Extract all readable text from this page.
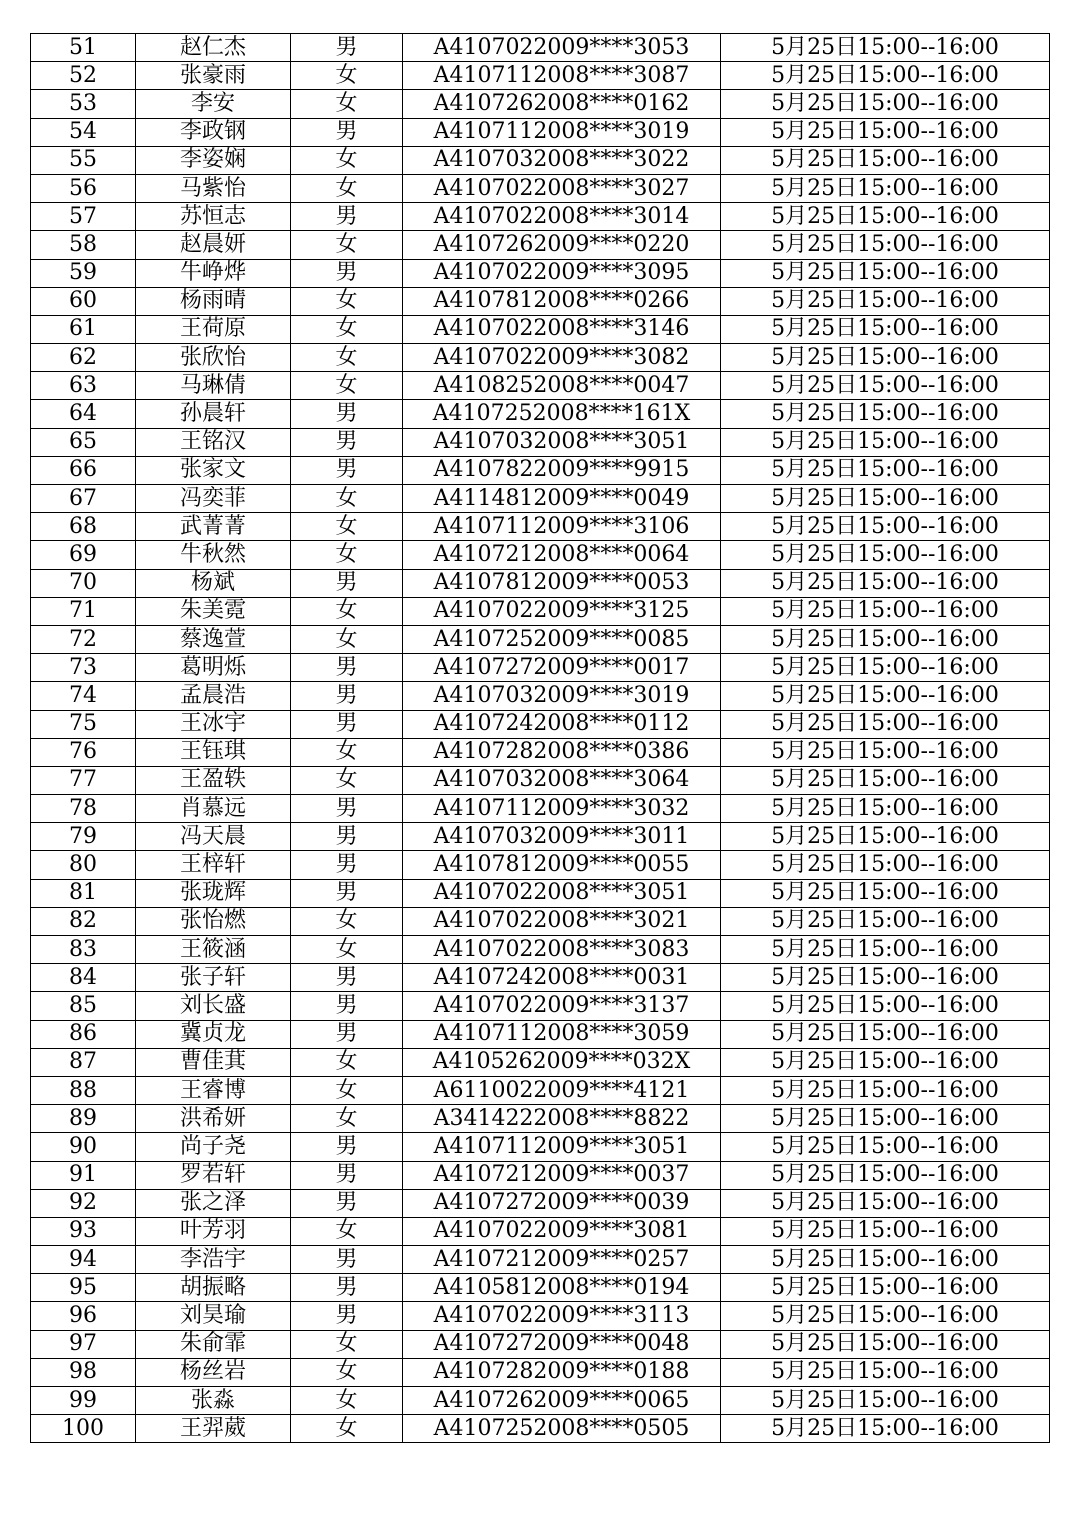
51	赵仁杰	男	A4107022009****3053	5月25日15:00--16:00
52	张豪雨	女	A4107112008****3087	5月25日15:00--16:00
53	李安	女	A4107262008****0162	5月25日15:00--16:00
54	李政钢	男	A4107112008****3019	5月25日15:00--16:00
55	李姿娴	女	A4107032008****3022	5月25日15:00--16:00
56	马紫怡	女	A4107022008****3027	5月25日15:00--16:00
57	苏恒志	男	A4107022008****3014	5月25日15:00--16:00
58	赵晨妍	女	A4107262009****0220	5月25日15:00--16:00
59	牛峥烨	男	A4107022009****3095	5月25日15:00--16:00
60	杨雨晴	女	A4107812008****0266	5月25日15:00--16:00
61	王荷原	女	A4107022008****3146	5月25日15:00--16:00
62	张欣怡	女	A4107022009****3082	5月25日15:00--16:00
63	马琳倩	女	A4108252008****0047	5月25日15:00--16:00
64	孙晨轩	男	A4107252008****161X	5月25日15:00--16:00
65	王铭汉	男	A4107032008****3051	5月25日15:00--16:00
66	张家文	男	A4107822009****9915	5月25日15:00--16:00
67	冯奕菲	女	A4114812009****0049	5月25日15:00--16:00
68	武菁菁	女	A4107112009****3106	5月25日15:00--16:00
69	牛秋然	女	A4107212008****0064	5月25日15:00--16:00
70	杨斌	男	A4107812009****0053	5月25日15:00--16:00
71	朱美霓	女	A4107022009****3125	5月25日15:00--16:00
72	蔡逸萱	女	A4107252009****0085	5月25日15:00--16:00
73	葛明烁	男	A4107272009****0017	5月25日15:00--16:00
74	孟晨浩	男	A4107032009****3019	5月25日15:00--16:00
75	王冰宇	男	A4107242008****0112	5月25日15:00--16:00
76	王钰琪	女	A4107282008****0386	5月25日15:00--16:00
77	王盈轶	女	A4107032008****3064	5月25日15:00--16:00
78	肖慕远	男	A4107112009****3032	5月25日15:00--16:00
79	冯天晨	男	A4107032009****3011	5月25日15:00--16:00
80	王梓轩	男	A4107812009****0055	5月25日15:00--16:00
81	张珑辉	男	A4107022008****3051	5月25日15:00--16:00
82	张怡燃	女	A4107022008****3021	5月25日15:00--16:00
83	王筱涵	女	A4107022008****3083	5月25日15:00--16:00
84	张子轩	男	A4107242008****0031	5月25日15:00--16:00
85	刘长盛	男	A4107022009****3137	5月25日15:00--16:00
86	冀贞龙	男	A4107112008****3059	5月25日15:00--16:00
87	曹佳萁	女	A4105262009****032X	5月25日15:00--16:00
88	王睿博	女	A6110022009****4121	5月25日15:00--16:00
89	洪希妍	女	A3414222008****8822	5月25日15:00--16:00
90	尚子尧	男	A4107112009****3051	5月25日15:00--16:00
91	罗若轩	男	A4107212009****0037	5月25日15:00--16:00
92	张之泽	男	A4107272009****0039	5月25日15:00--16:00
93	叶芳羽	女	A4107022009****3081	5月25日15:00--16:00
94	李浩宇	男	A4107212009****0257	5月25日15:00--16:00
95	胡振略	男	A4105812008****0194	5月25日15:00--16:00
96	刘昊瑜	男	A4107022009****3113	5月25日15:00--16:00
97	朱俞霏	女	A4107272009****0048	5月25日15:00--16:00
98	杨丝岩	女	A4107282009****0188	5月25日15:00--16:00
99	张淼	女	A4107262009****0065	5月25日15:00--16:00
100	王羿葳	女	A4107252008****0505	5月25日15:00--16:00
